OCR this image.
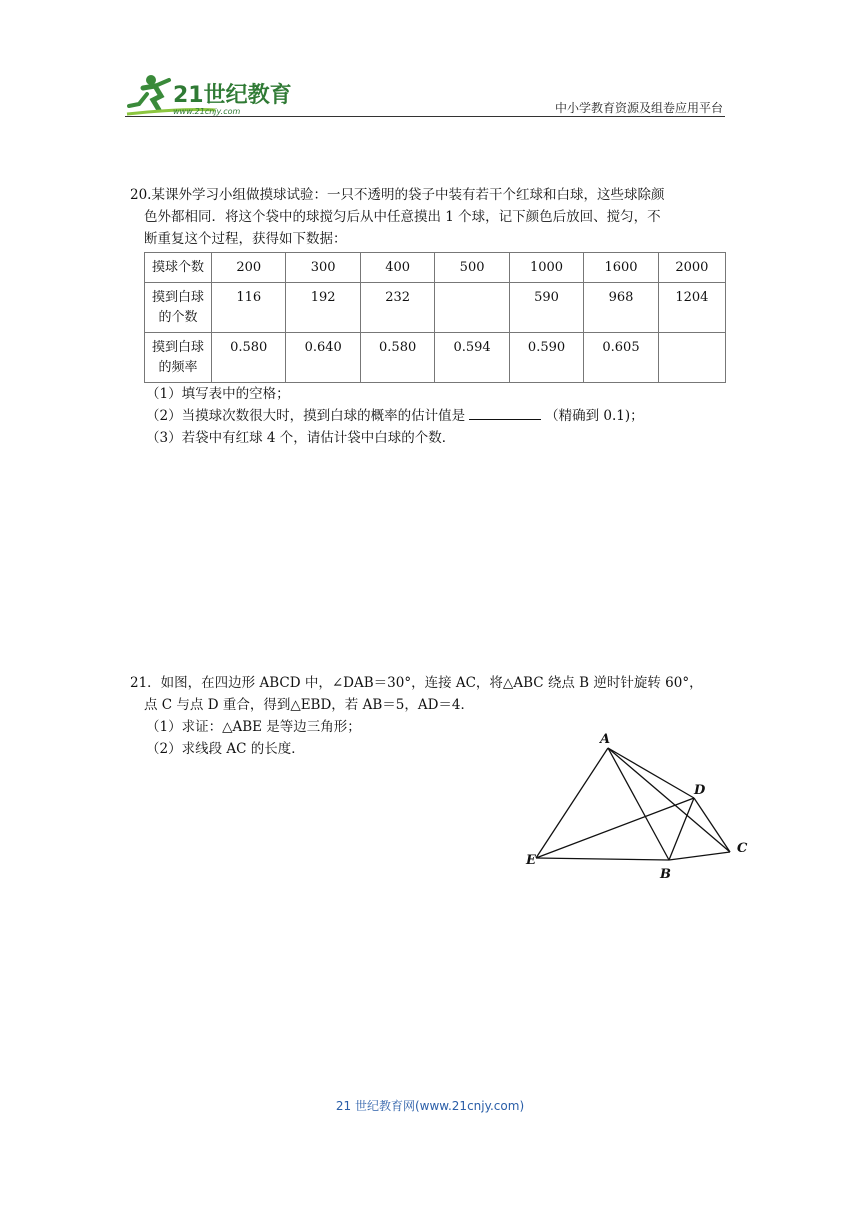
21世纪教育
www.21cnjy.com	中小学教育资源及组卷应用平台

20.某课外学习小组做摸球试验：一只不透明的袋子中装有若干个红球和白球，这些球除颜

色外都相同．将这个袋中的球搅匀后从中任意摸出 1 个球，记下颜色后放回、搅匀，不

断重复这个过程，获得如下数据：

摸球个数	200	300	400	500	1000	1600	2000
摸到白球
的个数	116	192	232		590	968	1204
摸到白球
的频率	0.580	0.640	0.580	0.594	0.590	0.605	

（1）填写表中的空格；

（2）当摸球次数很大时，摸到白球的概率的估计值是	（精确到 0.1)；

（3）若袋中有红球 4 个，请估计袋中白球的个数．

21．如图，在四边形 ABCD 中，∠DAB＝30°，连接 AC，将△ABC 绕点 B 逆时针旋转 60°，

点 C 与点 D 重合，得到△EBD，若 AB＝5，AD＝4．

（1）求证：△ABE 是等边三角形；

（2）求线段 AC 的长度．

A
B
C
D
E
21 世纪教育网(www.21cnjy.com)
